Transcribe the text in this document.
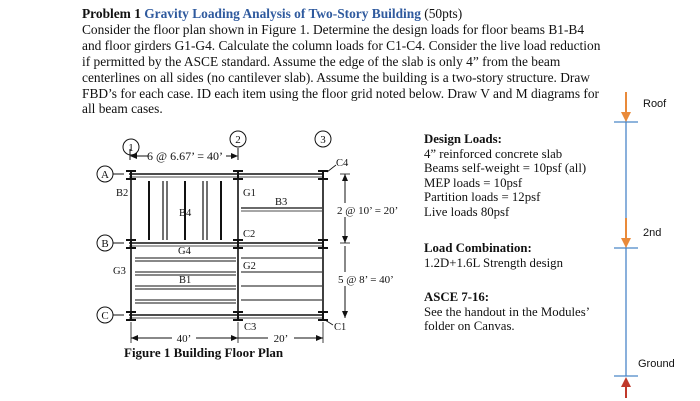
Problem 1 Gravity Loading Analysis of Two-Story Building (50pts)
Consider the floor plan shown in Figure 1. Determine the design loads for floor beams B1-B4
and floor girders G1-G4. Calculate the column loads for C1-C4. Consider the live load reduction
if permitted by the ASCE standard. Assume the edge of the slab is only 4” from the beam
centerlines on all sides (no cantilever slab). Assume the building is a two-story structure. Draw
FBD’s for each case. ID each item using the floor grid noted below. Draw V and M diagrams for
all beam cases.
1
2	3
A
B
C
6 @ 6.67’ = 40’
C4
B2	G1
B3
B4
C2
G4
G3	G2
B1
C3	C1
2 @ 10’ = 20’
5 @ 8’ = 40’
40’	20’
Design Loads:
4” reinforced concrete slab
Beams self-weight = 10psf (all)
MEP loads = 10psf
Partition loads = 12psf
Live loads 80psf
Load Combination:
1.2D+1.6L Strength design
ASCE 7-16:
See the handout in the Modules’
folder on Canvas.
Figure 1 Building Floor Plan
Roof
2nd
Ground
